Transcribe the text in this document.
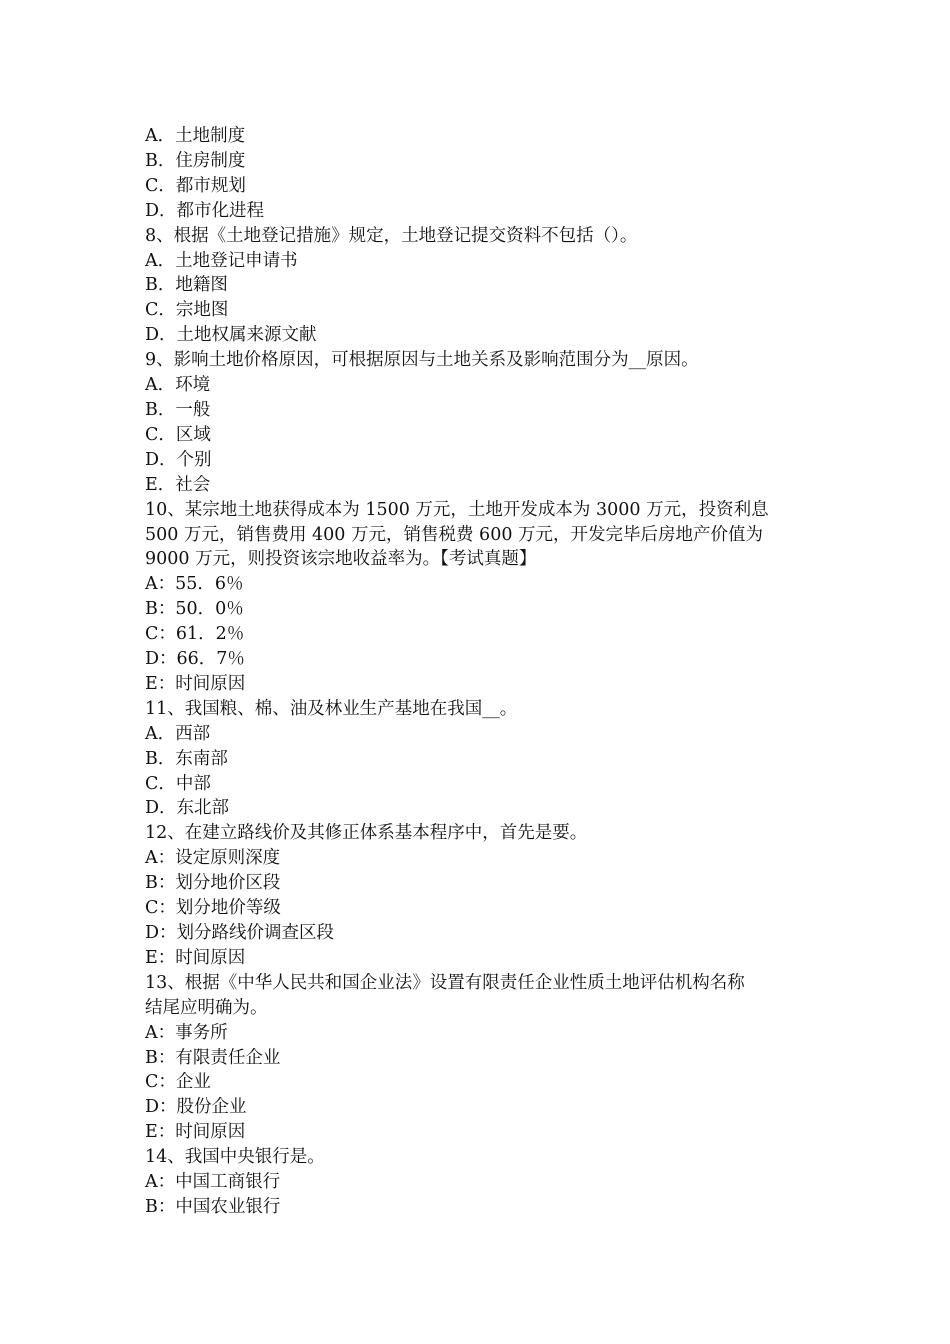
A．土地制度
B．住房制度
C．都市规划
D．都市化进程
8、根据《土地登记措施》规定，土地登记提交资料不包括（）。
A．土地登记申请书
B．地籍图
C．宗地图
D．土地权属来源文献
9、影响土地价格原因，可根据原因与土地关系及影响范围分为__原因。
A．环境
B．一般
C．区域
D．个别
E．社会
10、某宗地土地获得成本为 1500 万元，土地开发成本为 3000 万元，投资利息
500 万元，销售费用 400 万元，销售税费 600 万元，开发完毕后房地产价值为
9000 万元，则投资该宗地收益率为。【考试真题】
A：55．6％
B：50．0％
C：61．2％
D：66．7％
E：时间原因
11、我国粮、棉、油及林业生产基地在我国__。
A．西部
B．东南部
C．中部
D．东北部
12、在建立路线价及其修正体系基本程序中，首先是要。
A：设定原则深度
B：划分地价区段
C：划分地价等级
D：划分路线价调查区段
E：时间原因
13、根据《中华人民共和国企业法》设置有限责任企业性质土地评估机构名称
结尾应明确为。
A：事务所
B：有限责任企业
C：企业
D：股份企业
E：时间原因
14、我国中央银行是。
A：中国工商银行
B：中国农业银行
